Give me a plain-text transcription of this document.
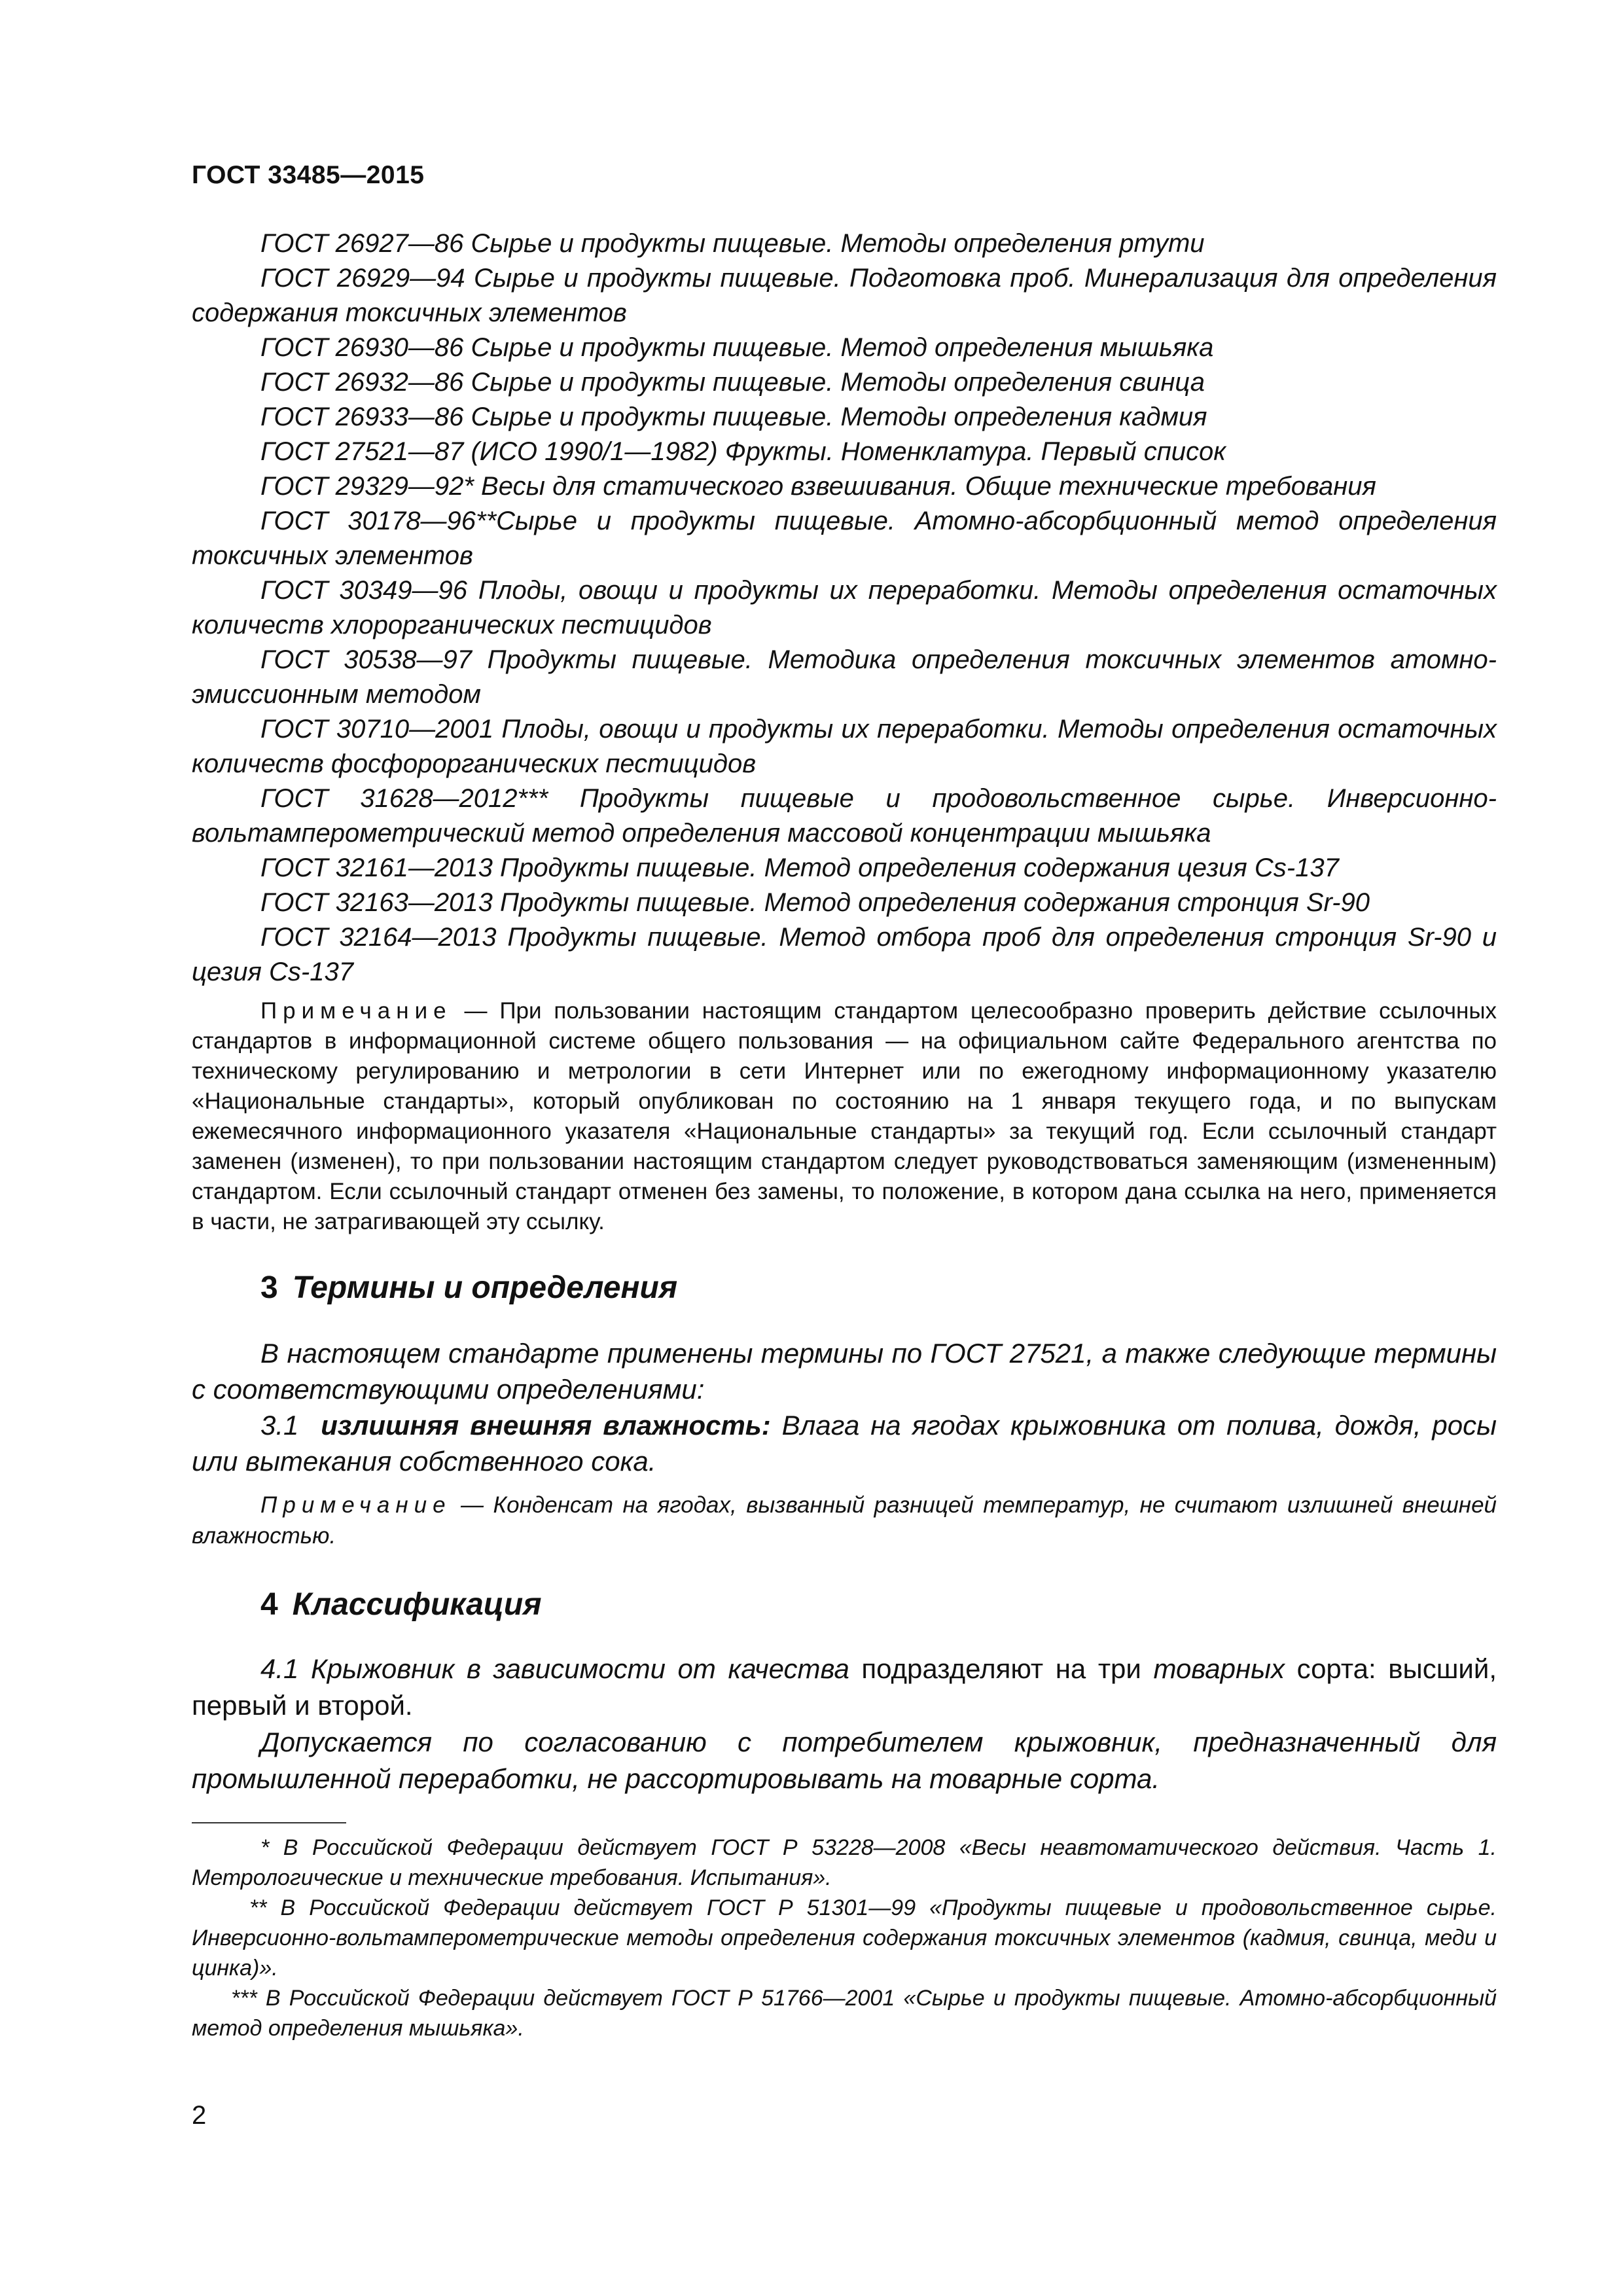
ГОСТ 33485—2015

ГОСТ 26927—86 Сырье и продукты пищевые. Методы определения ртути

ГОСТ 26929—94 Сырье и продукты пищевые. Подготовка проб. Минерализация для определения содержания токсичных элементов

ГОСТ 26930—86 Сырье и продукты пищевые. Метод определения мышьяка

ГОСТ 26932—86 Сырье и продукты пищевые. Методы определения свинца

ГОСТ 26933—86 Сырье и продукты пищевые. Методы определения кадмия

ГОСТ 27521—87 (ИСО 1990/1—1982) Фрукты. Номенклатура. Первый список

ГОСТ 29329—92* Весы для статического взвешивания. Общие технические требования

ГОСТ 30178—96**Сырье и продукты пищевые. Атомно-абсорбционный метод определения токсичных элементов

ГОСТ 30349—96 Плоды, овощи и продукты их переработки. Методы определения остаточных количеств хлорорганических пестицидов

ГОСТ 30538—97 Продукты пищевые. Методика определения токсичных элементов атомно-эмиссионным методом

ГОСТ 30710—2001 Плоды, овощи и продукты их переработки. Методы определения остаточных количеств фосфорорганических пестицидов

ГОСТ 31628—2012*** Продукты пищевые и продовольственное сырье. Инверсионно-вольтамперометрический метод определения массовой концентрации мышьяка

ГОСТ 32161—2013 Продукты пищевые. Метод определения содержания цезия Cs-137

ГОСТ 32163—2013 Продукты пищевые. Метод определения содержания стронция Sr-90

ГОСТ 32164—2013 Продукты пищевые. Метод отбора проб для определения стронция Sr-90 и цезия Cs-137

Примечание — При пользовании настоящим стандартом целесообразно проверить действие ссылочных стандартов в информационной системе общего пользования — на официальном сайте Федерального агентства по техническому регулированию и метрологии в сети Интернет или по ежегодному информационному указателю «Национальные стандарты», который опубликован по состоянию на 1 января текущего года, и по выпускам ежемесячного информационного указателя «Национальные стандарты» за текущий год. Если ссылочный стандарт заменен (изменен), то при пользовании настоящим стандартом следует руководствоваться заменяющим (измененным) стандартом. Если ссылочный стандарт отменен без замены, то положение, в котором дана ссылка на него, применяется в части, не затрагивающей эту ссылку.
3 Термины и определения

В настоящем стандарте применены термины по ГОСТ 27521, а также следующие термины с соответствующими определениями:

3.1 излишняя внешняя влажность: Влага на ягодах крыжовника от полива, дождя, росы или вытекания собственного сока.

Примечание — Конденсат на ягодах, вызванный разницей температур, не считают излишней внешней влажностью.
4 Классификация

4.1 Крыжовник в зависимости от качества подразделяют на три товарных сорта: высший, первый и второй.

Допускается по согласованию с потребителем крыжовник, предназначенный для промышленной переработки, не рассортировывать на товарные сорта.

* В Российской Федерации действует ГОСТ Р 53228—2008 «Весы неавтоматического действия. Часть 1. Метрологические и технические требования. Испытания».

** В Российской Федерации действует ГОСТ Р 51301—99 «Продукты пищевые и продовольственное сырье. Инверсионно-вольтамперометрические методы определения содержания токсичных элементов (кадмия, свинца, меди и цинка)».

*** В Российской Федерации действует ГОСТ Р 51766—2001 «Сырье и продукты пищевые. Атомно-абсорбционный метод определения мышьяка».

2
